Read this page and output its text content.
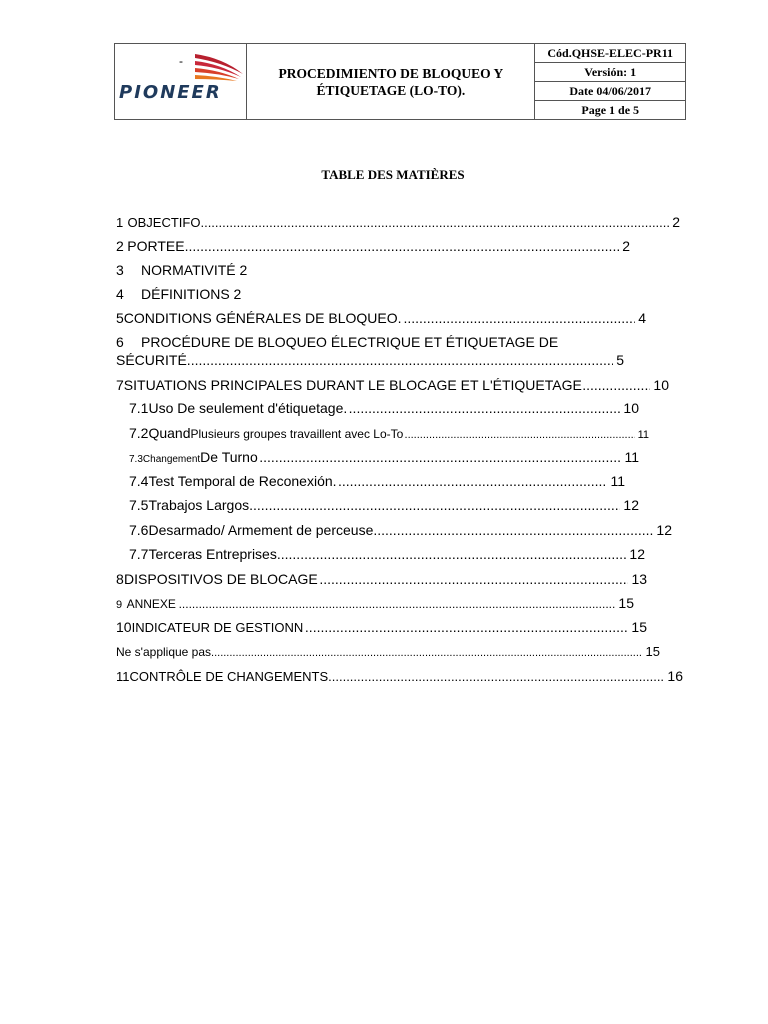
-
PIONEER

PROCEDIMIENTO DE BLOQUEO Y
ÉTIQUETAGE (LO-TO).
	Cód.QHSE-ELEC-PR11
Versión: 1
Date 04/06/2017
Page 1 de 5
TABLE DES MATIÈRES
1 OBJECTIFO .....	2
2 PORTEE .....	2
3	NORMATIVITÉ 2
4	DÉFINITIONS 2
5 CONDITIONS GÉNÉRALES DE BLOQUEO. .....	4
6	PROCÉDURE DE BLOQUEO ÉLECTRIQUE ET ÉTIQUETAGE DE
SÉCURITÉ. .....	5
7 SITUATIONS PRINCIPALES DURANT LE BLOCAGE ET L'ÉTIQUETAGE .....	10
7.1 Uso De seulement d'étiquetage. .....	10
7.2 Quand Plusieurs groupes travaillent avec Lo-To .....	11
7.3 Changement De Turno .....	11
7.4 Test Temporal de Reconexión. .....	11
7.5 Trabajos Largos .....	12
7.6 Desarmado/ Armement de perceuse .....	12
7.7 Terceras Entreprises .....	12
8 DISPOSITIVOS DE BLOCAGE .....	13
9 ANNEXE .....	15
10 INDICATEUR DE GESTIONN .....	15
Ne s'applique pas .....	15
11 CONTRÔLE DE CHANGEMENTS .....	16
